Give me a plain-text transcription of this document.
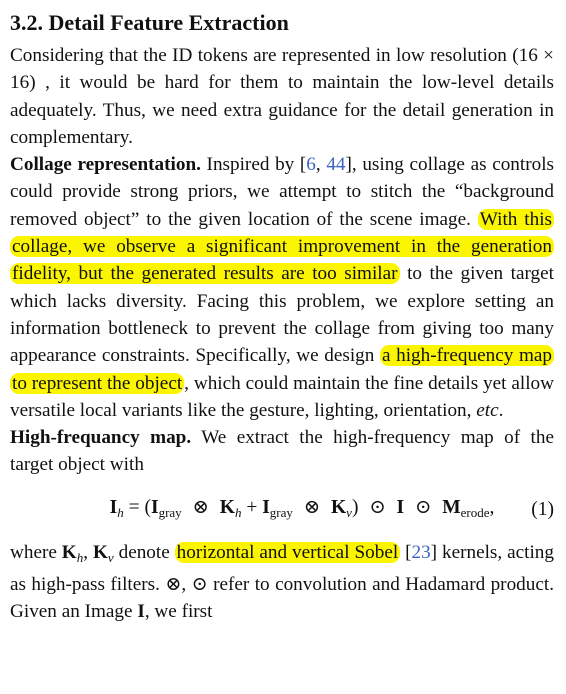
3.2. Detail Feature Extraction

Considering that the ID tokens are represented in low resolution (16 × 16) , it would be hard for them to maintain the low-level details adequately. Thus, we need extra guidance for the detail generation in complementary.

Collage representation. Inspired by [6, 44], using collage as controls could provide strong priors, we attempt to stitch the “background removed object” to the given location of the scene image. With this collage, we observe a significant improvement in the generation fidelity, but the generated results are too similar to the given target which lacks diversity. Facing this problem, we explore setting an information bottleneck to prevent the collage from giving too many appearance constraints. Specifically, we design a high-frequency map to represent the object , which could maintain the fine details yet allow versatile local variants like the gesture, lighting, orientation, etc.

High-frequancy map. We extract the high-frequency map of the target object with

$I_h = (I_{gray}$ ⊗ $K_h + I_{gray}$ ⊗ $K_v$) ⊙ I ⊙ $M_{erode}$, (1)

where $K_h$, $K_v$ denote horizontal and vertical Sobel [23] kernels, acting as high-pass filters. ⊗, ⊙ refer to convolution and Hadamard product. Given an Image I, we first
